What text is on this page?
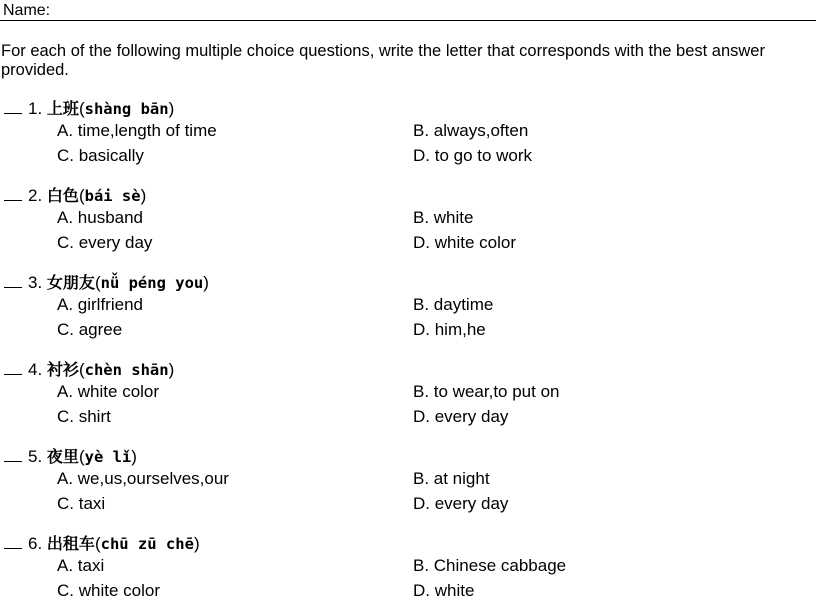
Name:
For each of the following multiple choice questions, write the letter that corresponds with the best answer provided.
1. 上班(shàng bān)
A. time,length of time	B. always,often
C. basically	D. to go to work
2. 白色(bái sè)
A. husband	B. white
C. every day	D. white color
3. 女朋友(nǚ péng you)
A. girlfriend	B. daytime
C. agree	D. him,he
4. 衬衫(chèn shān)
A. white color	B. to wear,to put on
C. shirt	D. every day
5. 夜里(yè lǐ)
A. we,us,ourselves,our	B. at night
C. taxi	D. every day
6. 出租车(chū zū chē)
A. taxi	B. Chinese cabbage
C. white color	D. white
